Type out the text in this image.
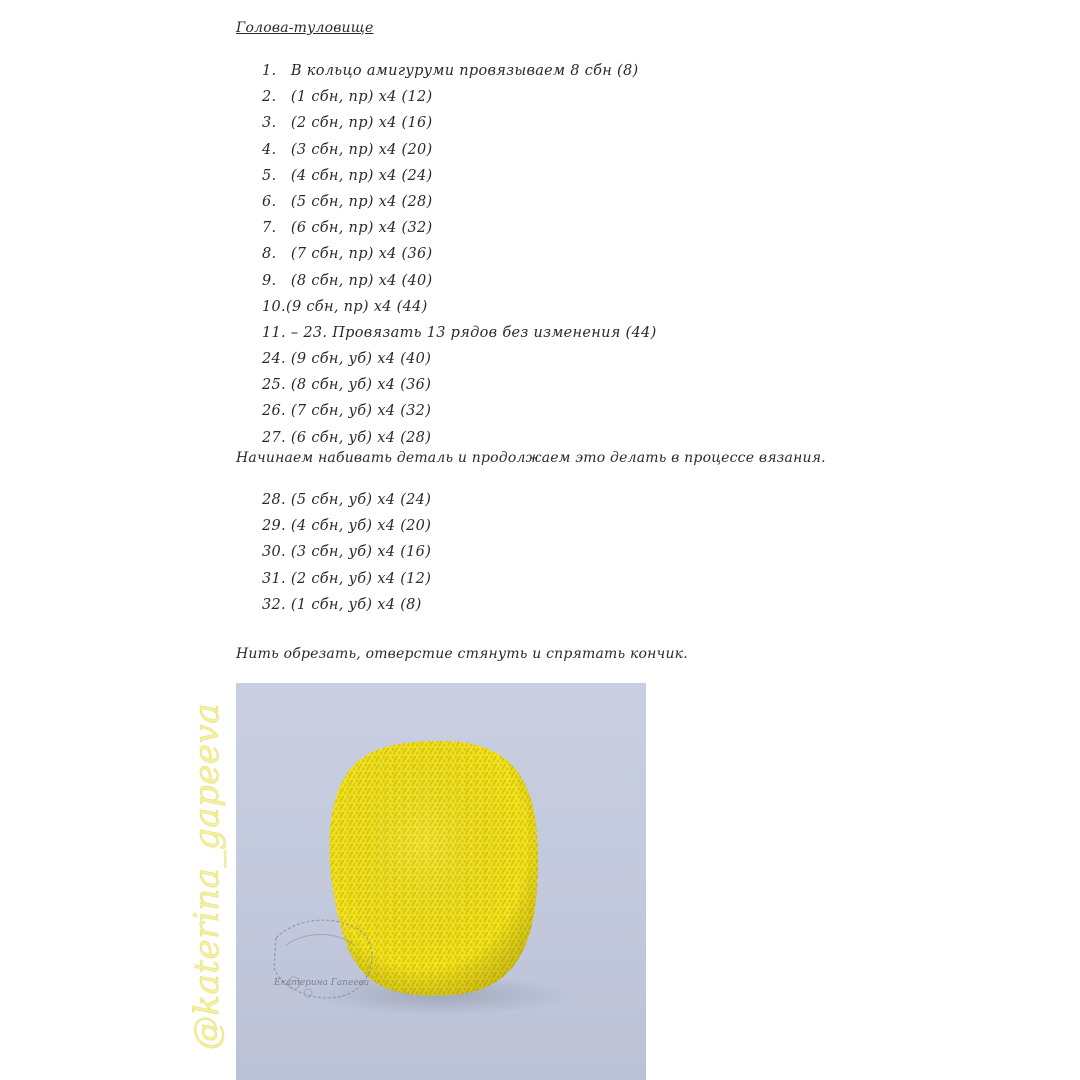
Голова-туловище
1. В кольцо амигуруми провязываем 8 сбн (8)
2. (1 сбн, пр) х4 (12)
3. (2 сбн, пр) х4 (16)
4. (3 сбн, пр) х4 (20)
5. (4 сбн, пр) х4 (24)
6. (5 сбн, пр) х4 (28)
7. (6 сбн, пр) х4 (32)
8. (7 сбн, пр) х4 (36)
9. (8 сбн, пр) х4 (40)
10.(9 сбн, пр) х4 (44)
11. – 23. Провязать 13 рядов без изменения (44)
24. (9 сбн, уб) х4 (40)
25. (8 сбн, уб) х4 (36)
26. (7 сбн, уб) х4 (32)
27. (6 сбн, уб) х4 (28)
Начинаем набивать деталь и продолжаем это делать в процессе вязания.
28. (5 сбн, уб) х4 (24)
29. (4 сбн, уб) х4 (20)
30. (3 сбн, уб) х4 (16)
31. (2 сбн, уб) х4 (12)
32. (1 сбн, уб) х4 (8)
Нить обрезать, отверстие стянуть и спрятать кончик.
Екатерина Гапеева
@katerina_gapeeva
